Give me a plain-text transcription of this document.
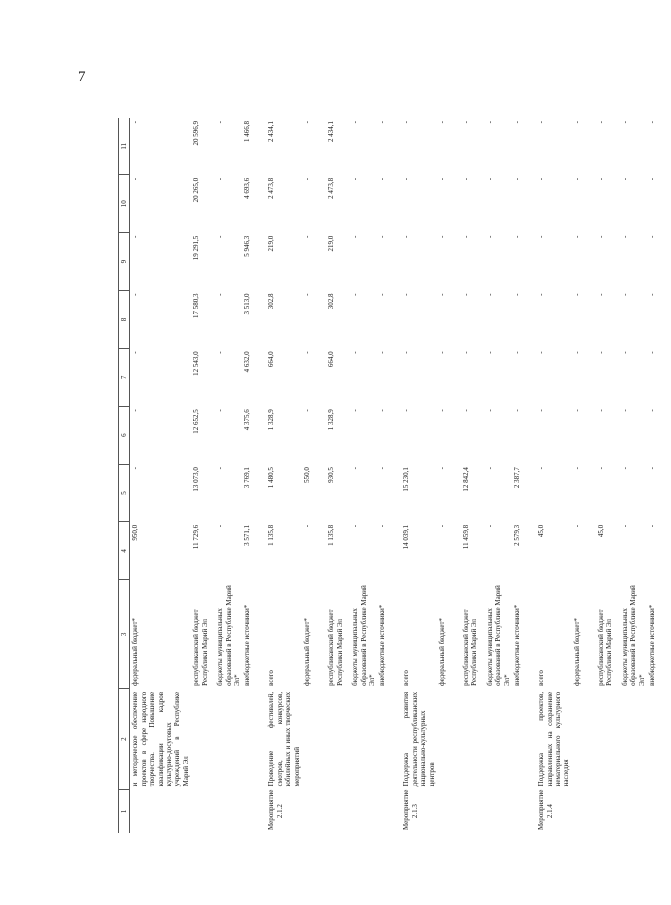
7
1	2	3	4	5	6	7	8	9	10	11
	и методическое обеспечение проектов в сфере народного творчества. Повышение квалификации кадров культурно-досуговых учреждений в Республике Марий Эл	федеральный бюджет*	950,0	-	-	-	-	-	-	-
		республиканский бюджет Республики Марий Эл	11 729,6	13 073,0	12 652,5	12 543,0	17 580,3	19 291,5	20 265,0	20 596,9
		бюджеты муниципальных образований в Республике Марий Эл*	-	-	-	-	-	-	-	-
		внебюджетные источники*	3 571,1	3 769,1	4 375,6	4 632,0	3 513,0	5 946,3	4 693,6	1 466,8
Мероприятие 2.1.2	Проведение фестивалей, смотров, конкурсов, юбилейных и иных творческих мероприятий	всего	1 135,8	1 480,5	1 328,9	664,0	302,8	219,0	2 473,8	2 434,1
		федеральный бюджет*	-	550,0	-	-	-	-	-	-
		республиканский бюджет Республики Марий Эл	1 135,8	930,5	1 328,9	664,0	302,8	219,0	2 473,8	2 434,1
		бюджеты муниципальных образований в Республике Марий Эл*	-	-	-	-	-	-	-	-
		внебюджетные источники*	-	-	-	-	-	-	-	-
Мероприятие 2.1.3	Поддержка развития деятельности республиканских национально-культурных центров	всего	14 039,1	15 230,1	-	-	-	-	-	-
		федеральный бюджет*	-	-	-	-	-	-	-	-
		республиканский бюджет Республики Марий Эл	11 459,8	12 842,4	-	-	-	-	-	-
		бюджеты муниципальных образований в Республике Марий Эл*	-	-	-	-	-	-	-	-
		внебюджетные источники*	2 579,3	2 387,7	-	-	-	-	-	-
Мероприятие 2.1.4	Поддержка проектов, направленных на сохранение нематериального культурного наследия	всего	45,0	-	-	-	-	-	-	-
		федеральный бюджет*	-	-	-	-	-	-	-	-
		республиканский бюджет Республики Марий Эл	45,0	-	-	-	-	-	-	-
		бюджеты муниципальных образований в Республике Марий Эл*	-	-	-	-	-	-	-	-
		внебюджетные источники*	-	-	-	-	-	-	-	-
